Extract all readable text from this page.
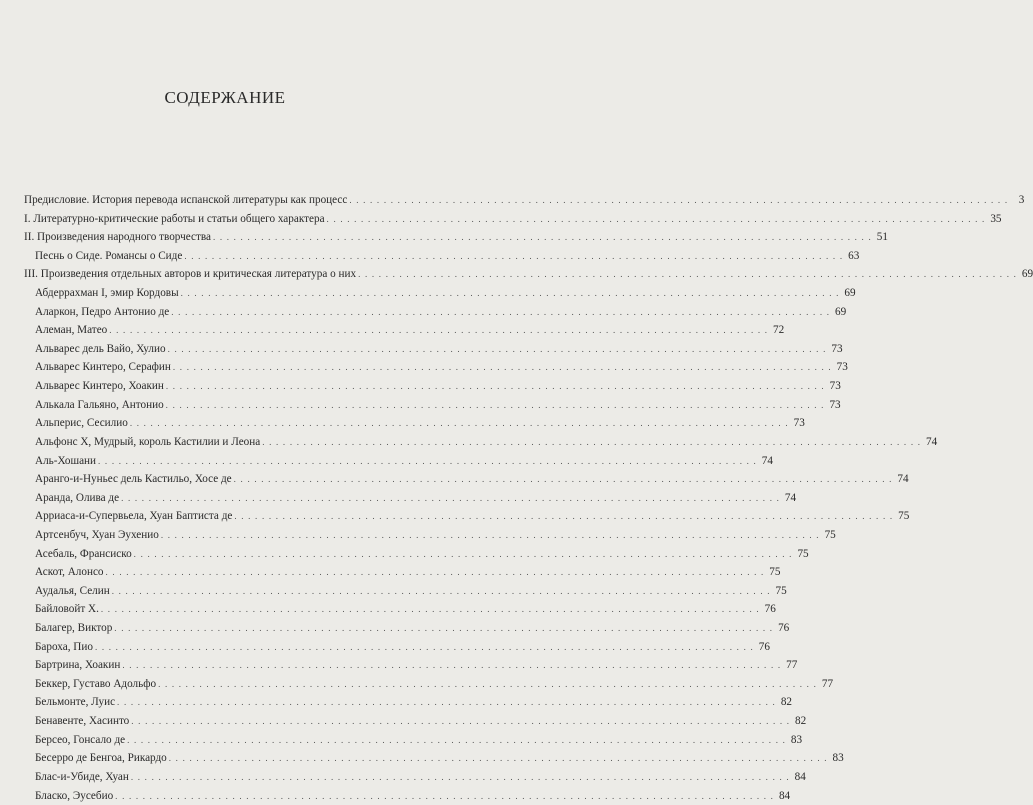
СОДЕРЖАНИЕ
Предисловие. История перевода испанской литературы как процесс . . .	3
I. Литературно-критические работы и статьи общего характера . . .	35
II. Произведения народного творчества . . .	51
Песнь о Сиде. Романсы о Сиде . . .	63
III. Произведения отдельных авторов и критическая литература о них . . .	69
Абдеррахман I, эмир Кордовы . . .	69
Аларкон, Педро Антонио де . . .	69
Алеман, Матео . . .	72
Альварес дель Вайо, Хулио . . .	73
Альварес Кинтеро, Серафин . . .	73
Альварес Кинтеро, Хоакин . . .	73
Алькала Гальяно, Антонио . . .	73
Альперис, Сесилио . . .	73
Альфонс X, Мудрый, король Кастилии и Леона . . .	74
Аль-Хошани . . .	74
Аранго-и-Нуньес дель Кастильо, Хосе де . . .	74
Аранда, Олива де . . .	74
Арриаса-и-Супервьела, Хуан Баптиста де . . .	75
Артсенбуч, Хуан Эухенио . . .	75
Асебаль, Франсиско . . .	75
Аскот, Алонсо . . .	75
Аудалья, Селин . . .	75
Байловойт X. . . .	76
Балагер, Виктор . . .	76
Бароха, Пио . . .	76
Бартрина, Хоакин . . .	77
Беккер, Густаво Адольфо . . .	77
Бельмонте, Луис . . .	82
Бенавенте, Хасинто . . .	82
Берсео, Гонсало де . . .	83
Бесерро де Бенгоа, Рикардо . . .	83
Блас-и-Убиде, Хуан . . .	84
Бласко, Эусебио . . .	84
